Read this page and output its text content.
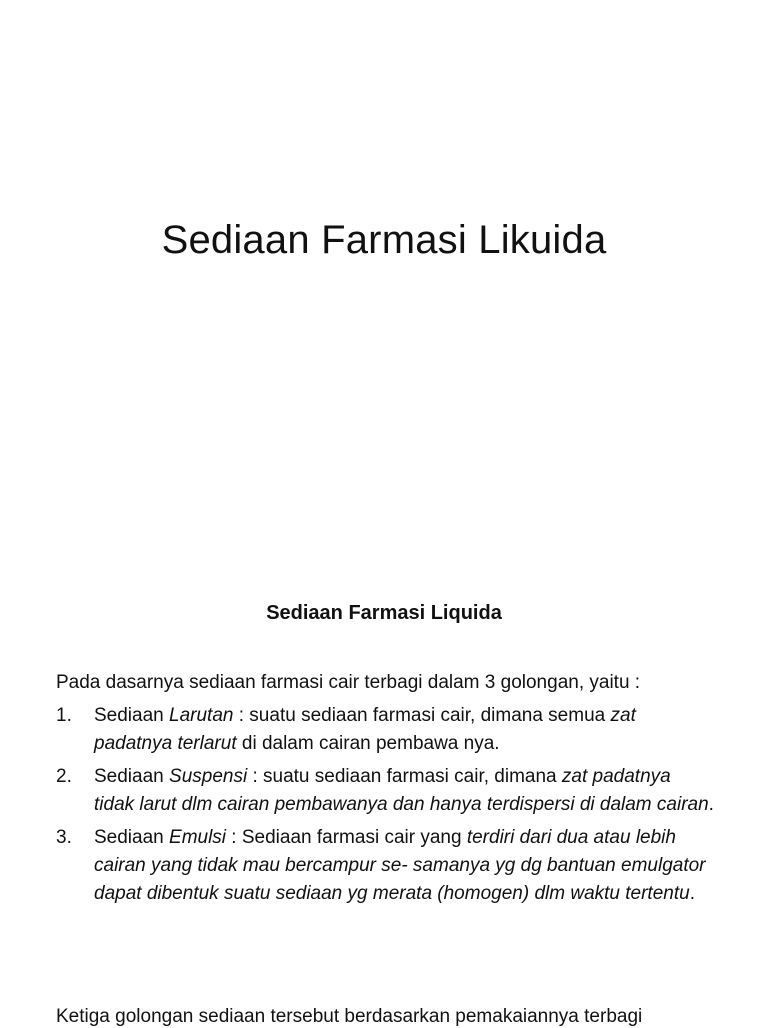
Sediaan Farmasi Likuida
Sediaan Farmasi Liquida
Pada dasarnya sediaan farmasi cair terbagi dalam 3 golongan, yaitu :
1. Sediaan Larutan : suatu sediaan farmasi cair, dimana semua zat padatnya terlarut di dalam cairan pembawa nya.
2. Sediaan Suspensi : suatu sediaan farmasi cair, dimana zat padatnya tidak larut dlm cairan pembawanya dan hanya terdispersi di dalam cairan.
3. Sediaan Emulsi : Sediaan farmasi cair yang terdiri dari dua atau lebih cairan yang tidak mau bercampur se- samanya yg dg bantuan emulgator dapat dibentuk suatu sediaan yg merata (homogen) dlm waktu tertentu.
Ketiga golongan sediaan tersebut berdasarkan pemakaiannya terbagi
